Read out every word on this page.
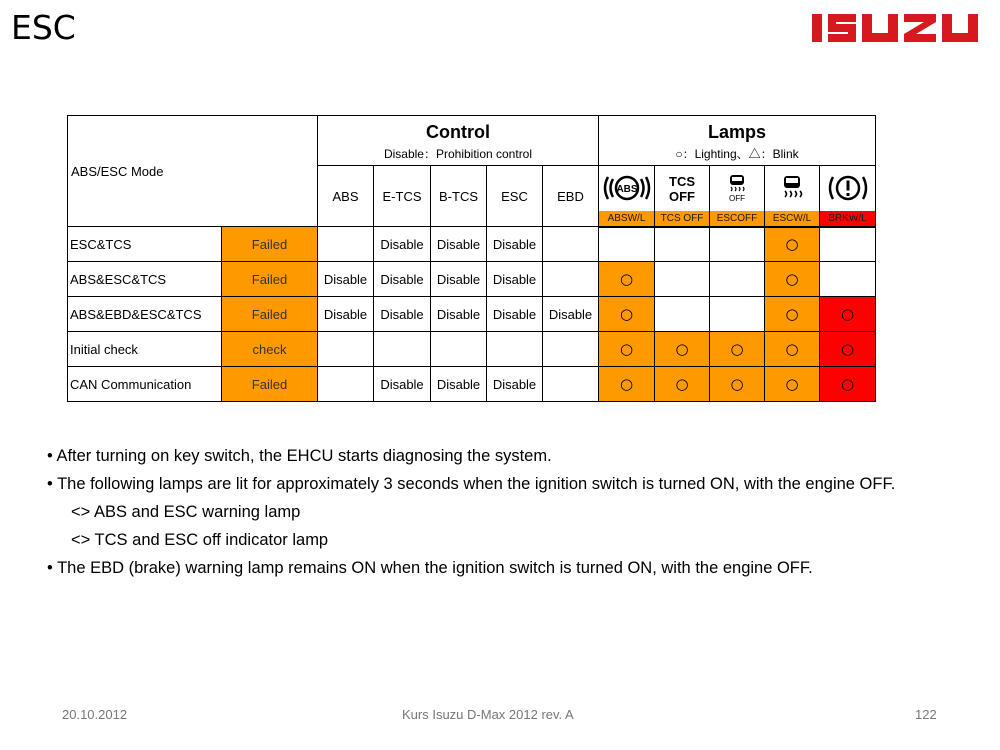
ESC
ABS/ESC Mode		Control
Disable：Prohibition control					Lamps
○：Lighting、△：Blink				

		ABS	E-TCS	B-TCS	ESC	EBD	ABS	TCS
OFF	OFF

							ABSW/L	TCS OFF	ESCOFF	ESCW/L	BRKW/L
ESC&TCS	Failed		Disable	Disable	Disable					○	
ABS&ESC&TCS	Failed	Disable	Disable	Disable	Disable		○			○	
ABS&EBD&ESC&TCS	Failed	Disable	Disable	Disable	Disable	Disable	○			○	○
Initial check	check						○	○	○	○	○
CAN Communication	Failed		Disable	Disable	Disable		○	○	○	○	○
• After turning on key switch, the EHCU starts diagnosing the system.
• The following lamps are lit for approximately 3 seconds when the ignition switch is turned ON, with the engine OFF.
<> ABS and ESC warning lamp
<> TCS and ESC off indicator lamp
• The EBD (brake) warning lamp remains ON when the ignition switch is turned ON, with the engine OFF.
20.10.2012	Kurs Isuzu D-Max 2012 rev. A	122
